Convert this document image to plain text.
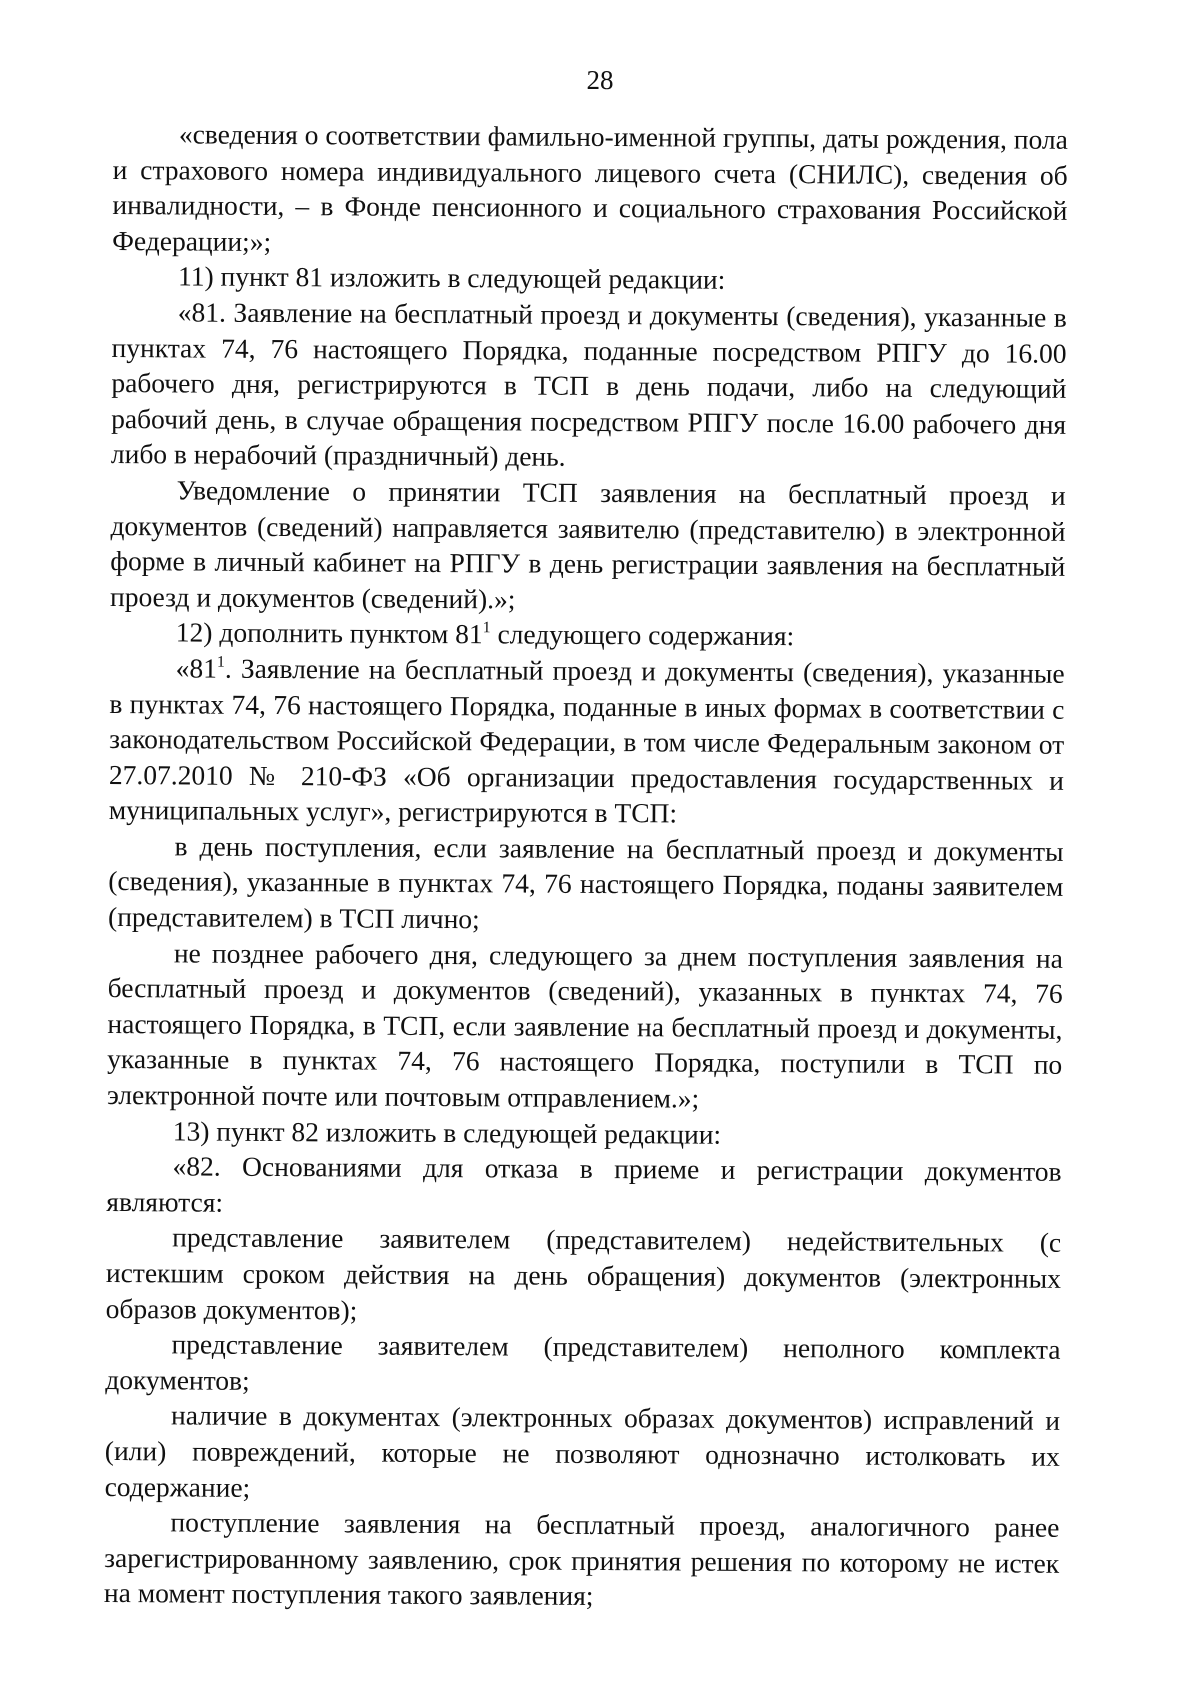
28

«сведения о соответствии фамильно-именной группы, даты рождения, пола и страхового номера индивидуального лицевого счета (СНИЛС), сведения об инвалидности, – в Фонде пенсионного и социального страхования Российской Федерации;»;

11) пункт 81 изложить в следующей редакции:

«81. Заявление на бесплатный проезд и документы (сведения), указанные в пунктах 74, 76 настоящего Порядка, поданные посредством РПГУ до 16.00 рабочего дня, регистрируются в ТСП в день подачи, либо на следующий рабочий день, в случае обращения посредством РПГУ после 16.00 рабочего дня либо в нерабочий (праздничный) день.

Уведомление о принятии ТСП заявления на бесплатный проезд и документов (сведений) направляется заявителю (представителю) в электронной форме в личный кабинет на РПГУ в день регистрации заявления на бесплатный проезд и документов (сведений).»;

12) дополнить пунктом $81^1$ следующего содержания:

«$81^1$. Заявление на бесплатный проезд и документы (сведения), указанные в пунктах 74, 76 настоящего Порядка, поданные в иных формах в соответствии с законодательством Российской Федерации, в том числе Федеральным законом от 27.07.2010 № 210-ФЗ «Об организации предоставления государственных и муниципальных услуг», регистрируются в ТСП:

в день поступления, если заявление на бесплатный проезд и документы (сведения), указанные в пунктах 74, 76 настоящего Порядка, поданы заявителем (представителем) в ТСП лично;

не позднее рабочего дня, следующего за днем поступления заявления на бесплатный проезд и документов (сведений), указанных в пунктах 74, 76 настоящего Порядка, в ТСП, если заявление на бесплатный проезд и документы, указанные в пунктах 74, 76 настоящего Порядка, поступили в ТСП по электронной почте или почтовым отправлением.»;

13) пункт 82 изложить в следующей редакции:

«82. Основаниями для отказа в приеме и регистрации документов являются:

представление заявителем (представителем) недействительных (с истекшим сроком действия на день обращения) документов (электронных образов документов);

представление заявителем (представителем) неполного комплекта документов;

наличие в документах (электронных образах документов) исправлений и (или) повреждений, которые не позволяют однозначно истолковать их содержание;

поступление заявления на бесплатный проезд, аналогичного ранее зарегистрированному заявлению, срок принятия решения по которому не истек на момент поступления такого заявления;
